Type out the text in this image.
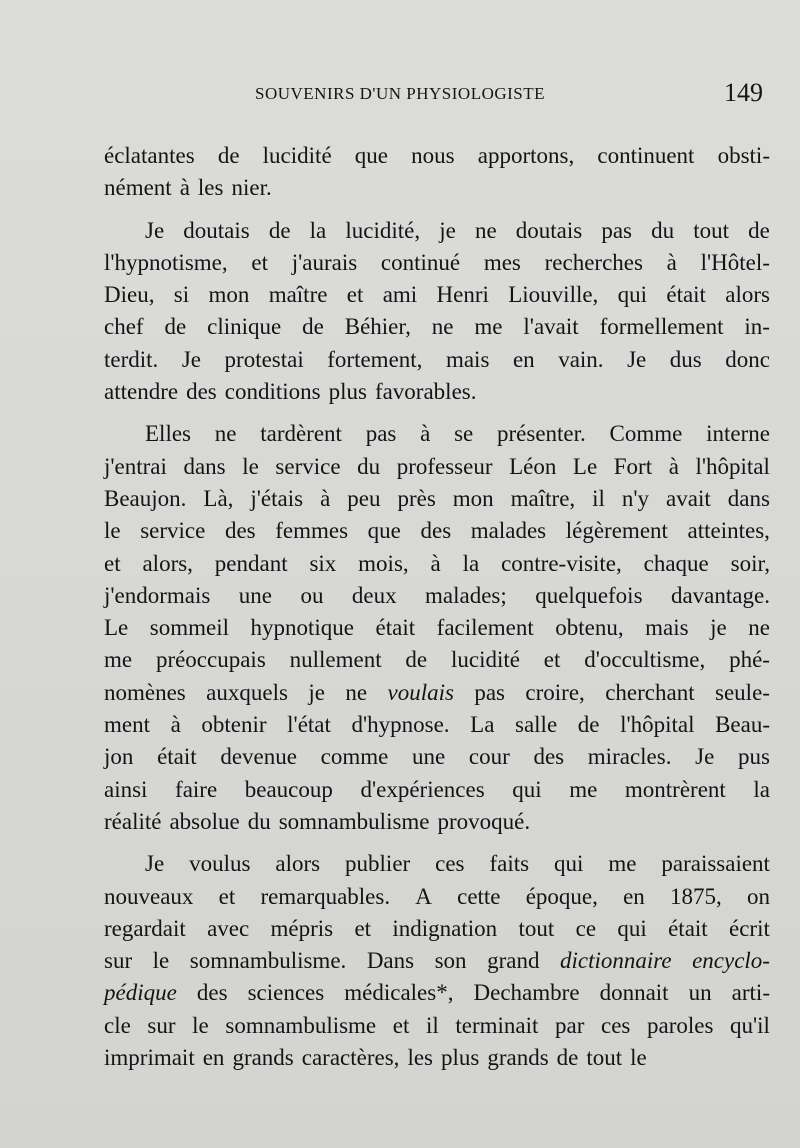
SOUVENIRS D'UN PHYSIOLOGISTE	149
éclatantes de lucidité que nous apportons, continuent obsti-
nément à les nier.
Je doutais de la lucidité, je ne doutais pas du tout de
l'hypnotisme, et j'aurais continué mes recherches à l'Hôtel-
Dieu, si mon maître et ami Henri Liouville, qui était alors
chef de clinique de Béhier, ne me l'avait formellement in-
terdit. Je protestai fortement, mais en vain. Je dus donc
attendre des conditions plus favorables.
Elles ne tardèrent pas à se présenter. Comme interne
j'entrai dans le service du professeur Léon Le Fort à l'hôpital
Beaujon. Là, j'étais à peu près mon maître, il n'y avait dans
le service des femmes que des malades légèrement atteintes,
et alors, pendant six mois, à la contre-visite, chaque soir,
j'endormais une ou deux malades; quelquefois davantage.
Le sommeil hypnotique était facilement obtenu, mais je ne
me préoccupais nullement de lucidité et d'occultisme, phé-
nomènes auxquels je ne voulais pas croire, cherchant seule-
ment à obtenir l'état d'hypnose. La salle de l'hôpital Beau-
jon était devenue comme une cour des miracles. Je pus
ainsi faire beaucoup d'expériences qui me montrèrent la
réalité absolue du somnambulisme provoqué.
Je voulus alors publier ces faits qui me paraissaient
nouveaux et remarquables. A cette époque, en 1875, on
regardait avec mépris et indignation tout ce qui était écrit
sur le somnambulisme. Dans son grand dictionnaire encyclo-
pédique des sciences médicales*, Dechambre donnait un arti-
cle sur le somnambulisme et il terminait par ces paroles qu'il
imprimait en grands caractères, les plus grands de tout le
